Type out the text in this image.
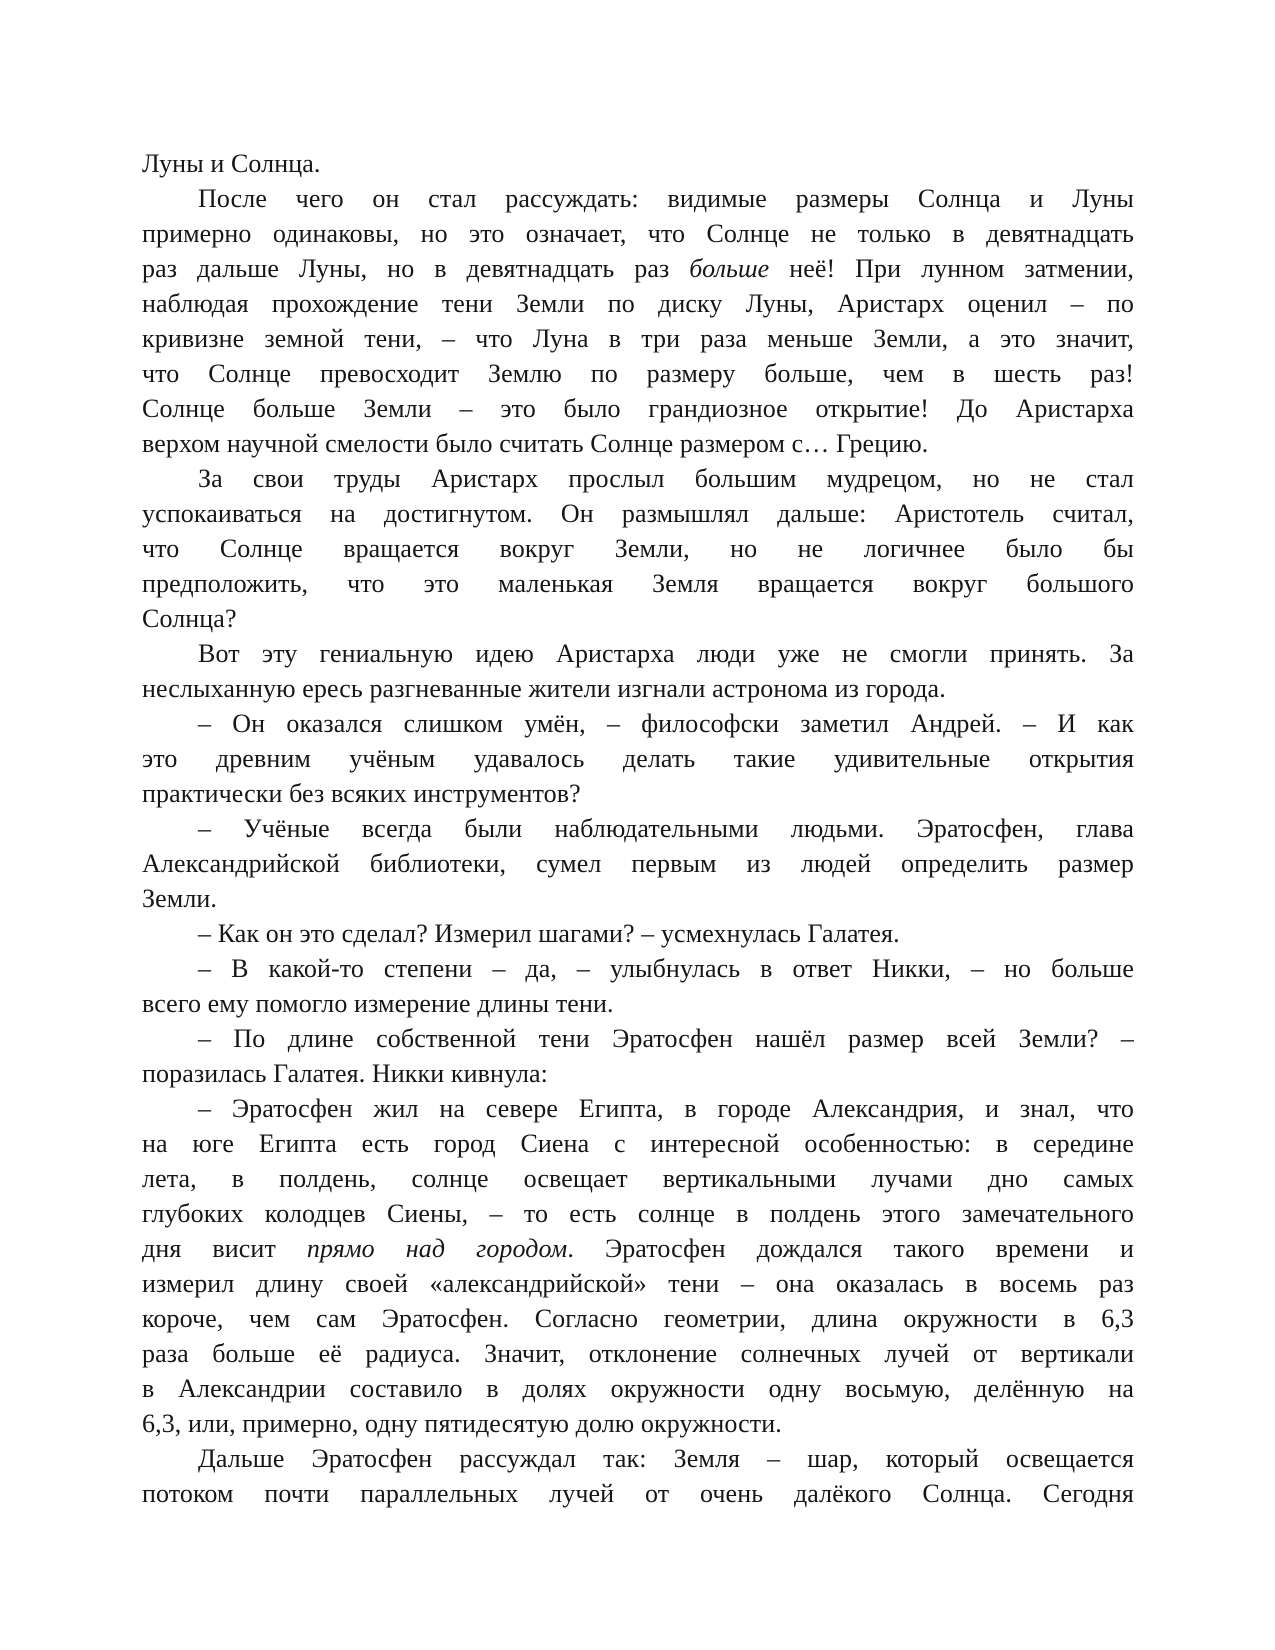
Луны и Солнца.
После чего он стал рассуждать: видимые размеры Солнца и Луны
примерно одинаковы, но это означает, что Солнце не только в девятнадцать
раз дальше Луны, но в девятнадцать раз больше неё! При лунном затмении,
наблюдая прохождение тени Земли по диску Луны, Аристарх оценил – по
кривизне земной тени, – что Луна в три раза меньше Земли, а это значит,
что Солнце превосходит Землю по размеру больше, чем в шесть раз!
Солнце больше Земли – это было грандиозное открытие! До Аристарха
верхом научной смелости было считать Солнце размером с… Грецию.
За свои труды Аристарх прослыл большим мудрецом, но не стал
успокаиваться на достигнутом. Он размышлял дальше: Аристотель считал,
что Солнце вращается вокруг Земли, но не логичнее было бы
предположить, что это маленькая Земля вращается вокруг большого
Солнца?
Вот эту гениальную идею Аристарха люди уже не смогли принять. За
неслыханную ересь разгневанные жители изгнали астронома из города.
– Он оказался слишком умён, – философски заметил Андрей. – И как
это древним учёным удавалось делать такие удивительные открытия
практически без всяких инструментов?
– Учёные всегда были наблюдательными людьми. Эратосфен, глава
Александрийской библиотеки, сумел первым из людей определить размер
Земли.
– Как он это сделал? Измерил шагами? – усмехнулась Галатея.
– В какой-то степени – да, – улыбнулась в ответ Никки, – но больше
всего ему помогло измерение длины тени.
– По длине собственной тени Эратосфен нашёл размер всей Земли? –
поразилась Галатея. Никки кивнула:
– Эратосфен жил на севере Египта, в городе Александрия, и знал, что
на юге Египта есть город Сиена с интересной особенностью: в середине
лета, в полдень, солнце освещает вертикальными лучами дно самых
глубоких колодцев Сиены, – то есть солнце в полдень этого замечательного
дня висит прямо над городом. Эратосфен дождался такого времени и
измерил длину своей «александрийской» тени – она оказалась в восемь раз
короче, чем сам Эратосфен. Согласно геометрии, длина окружности в 6,3
раза больше её радиуса. Значит, отклонение солнечных лучей от вертикали
в Александрии составило в долях окружности одну восьмую, делённую на
6,3, или, примерно, одну пятидесятую долю окружности.
Дальше Эратосфен рассуждал так: Земля – шар, который освещается
потоком почти параллельных лучей от очень далёкого Солнца. Сегодня
